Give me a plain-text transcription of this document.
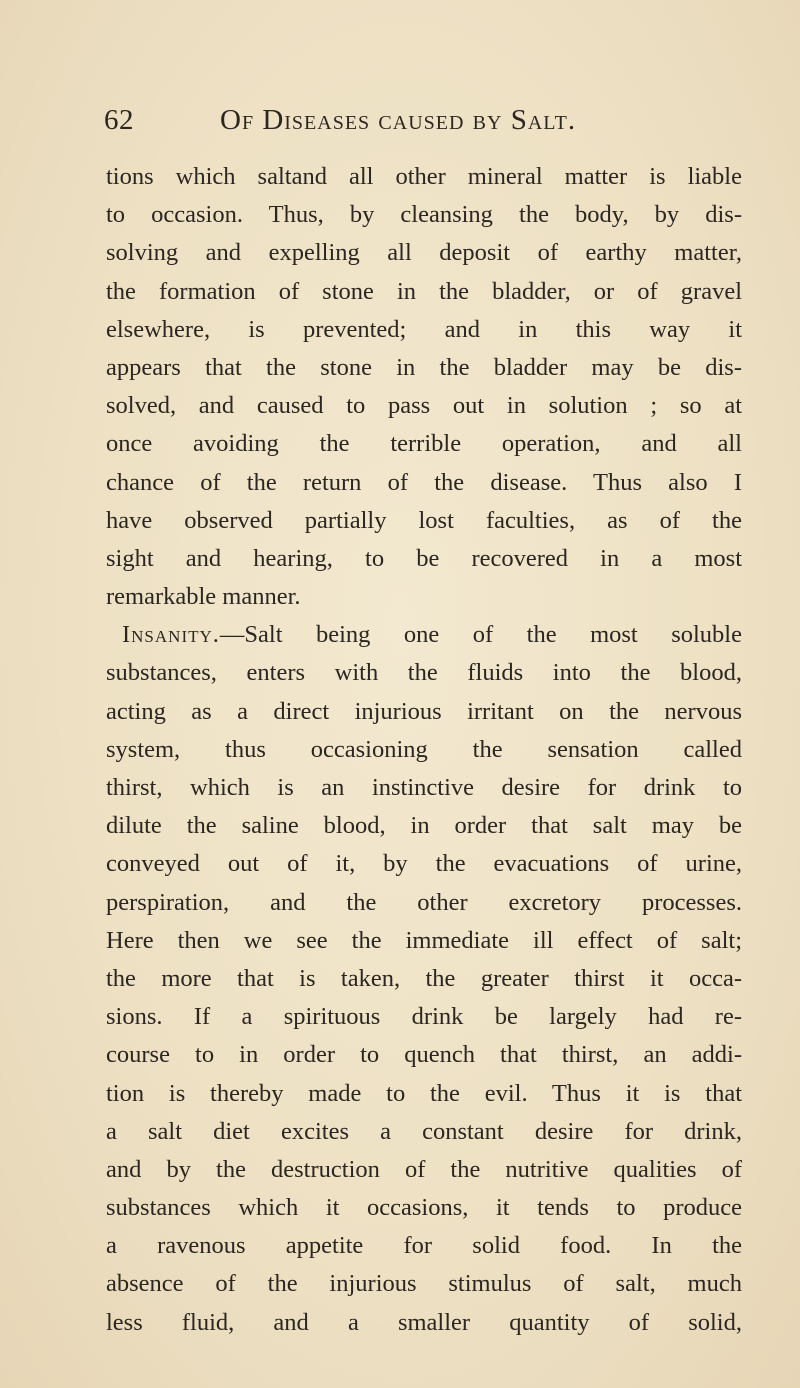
62	Of Diseases caused by Salt.
tions which saltand all other mineral matter is liable
to occasion. Thus, by cleansing the body, by dis-
solving and expelling all deposit of earthy matter,
the formation of stone in the bladder, or of gravel
elsewhere, is prevented; and in this way it
appears that the stone in the bladder may be dis-
solved, and caused to pass out in solution ; so at
once avoiding the terrible operation, and all
chance of the return of the disease. Thus also I
have observed partially lost faculties, as of the
sight and hearing, to be recovered in a most
remarkable manner.
Insanity.—Salt being one of the most soluble
substances, enters with the fluids into the blood,
acting as a direct injurious irritant on the nervous
system, thus occasioning the sensation called
thirst, which is an instinctive desire for drink to
dilute the saline blood, in order that salt may be
conveyed out of it, by the evacuations of urine,
perspiration, and the other excretory processes.
Here then we see the immediate ill effect of salt;
the more that is taken, the greater thirst it occa-
sions. If a spirituous drink be largely had re-
course to in order to quench that thirst, an addi-
tion is thereby made to the evil. Thus it is that
a salt diet excites a constant desire for drink,
and by the destruction of the nutritive qualities of
substances which it occasions, it tends to produce
a ravenous appetite for solid food. In the
absence of the injurious stimulus of salt, much
less fluid, and a smaller quantity of solid,
